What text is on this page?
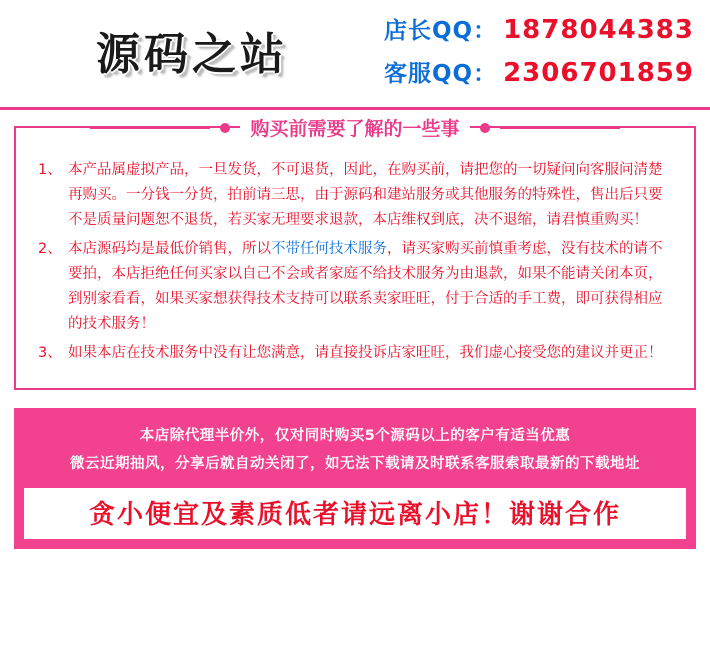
源码之站	店长QQ： 1878044383
客服QQ： 2306701859
购买前需要了解的一些事
1、 本产品属虚拟产品，一旦发货，不可退货，因此，在购买前，请把您的一切疑问向客服问清楚再购买。一分钱一分货，拍前请三思，由于源码和建站服务或其他服务的特殊性，售出后只要不是质量问题恕不退货，若买家无理要求退款，本店维权到底，决不退缩，请君慎重购买！
2、 本店源码均是最低价销售，所以不带任何技术服务，请买家购买前慎重考虑，没有技术的请不要拍，本店拒绝任何买家以自己不会或者家庭不给技术服务为由退款，如果不能请关闭本页，到别家看看，如果买家想获得技术支持可以联系卖家旺旺，付于合适的手工费，即可获得相应的技术服务！
3、 如果本店在技术服务中没有让您满意，请直接投诉店家旺旺，我们虚心接受您的建议并更正！
本店除代理半价外，仅对同时购买5个源码以上的客户有适当优惠
微云近期抽风，分享后就自动关闭了，如无法下载请及时联系客服索取最新的下载地址
贪小便宜及素质低者请远离小店！谢谢合作
